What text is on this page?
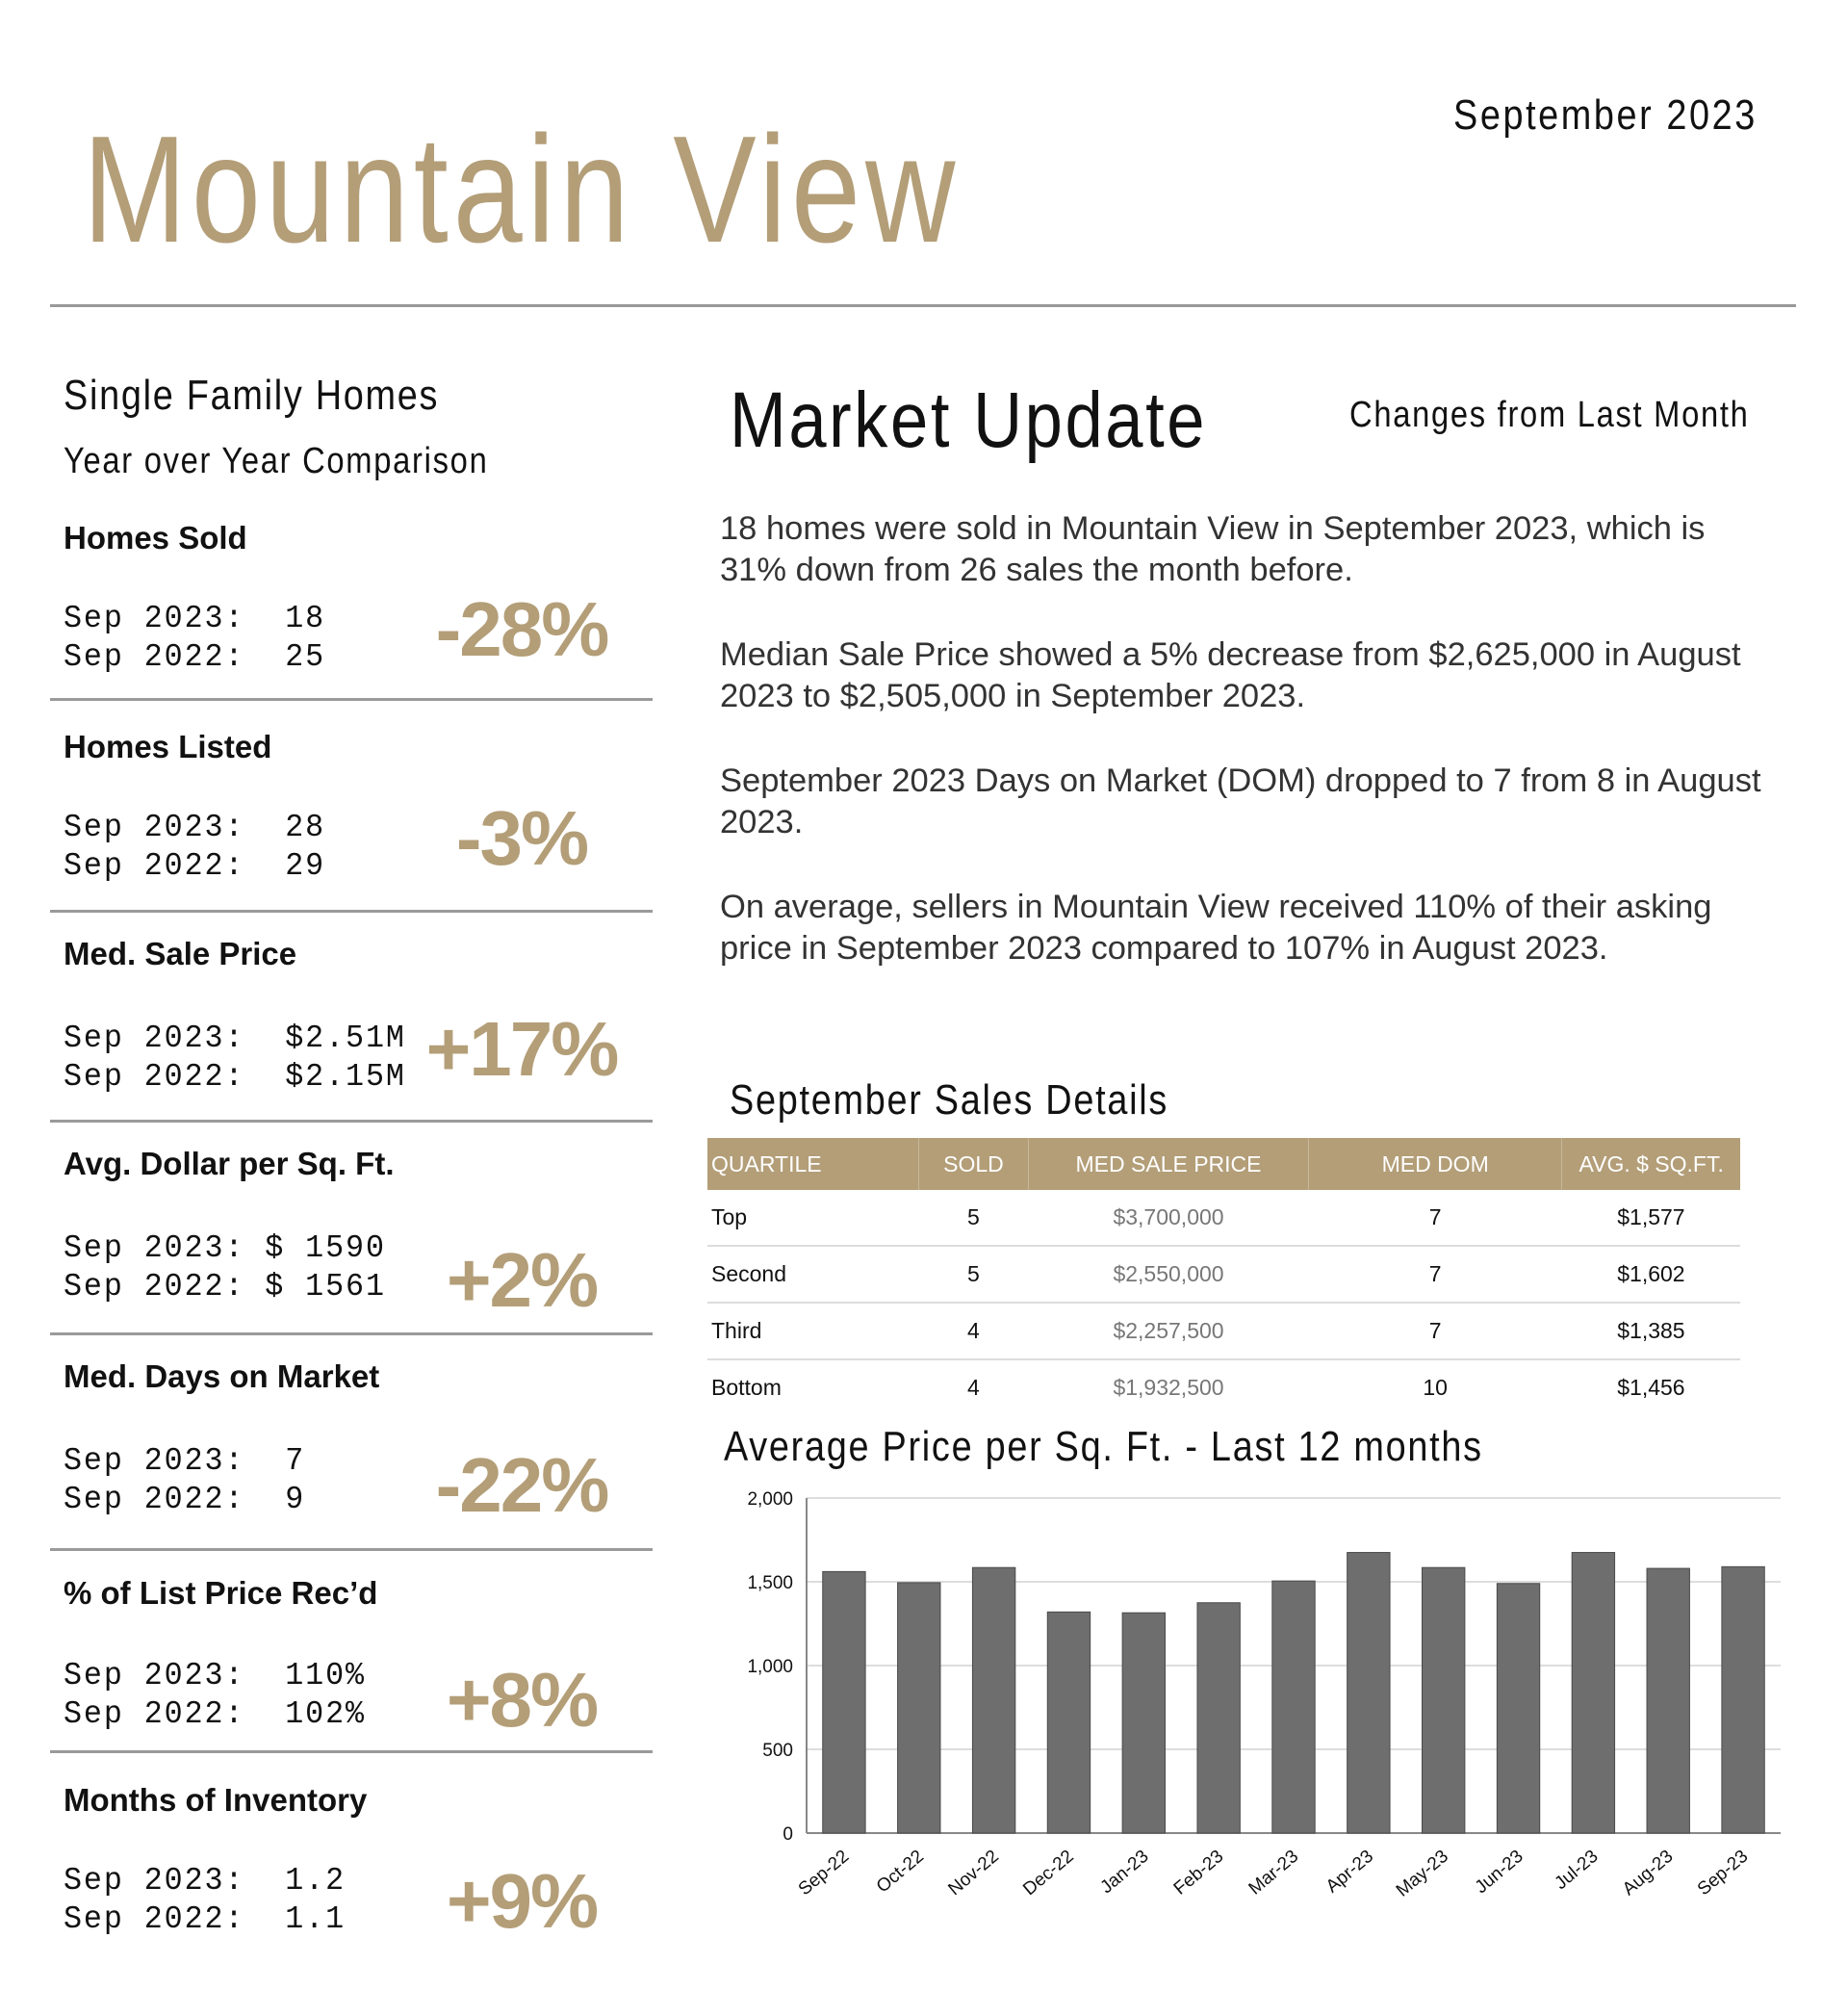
September 2023
Mountain View
Single Family Homes
Year over Year Comparison
Homes Sold
Sep 2023:  18
Sep 2022:  25	-28%
Homes Listed
Sep 2023:  28
Sep 2022:  29	-3%
Med. Sale Price
Sep 2023:  $2.51M
Sep 2022:  $2.15M +17%
Avg. Dollar per Sq. Ft.
Sep 2023: $ 1590
Sep 2022: $ 1561 +2%
Med. Days on Market
Sep 2023:  7
Sep 2022:  9	-22%
% of List Price Rec’d
Sep 2023:  110%
Sep 2022:  102%	+8%
Months of Inventory
Sep 2023:  1.2
Sep 2022:  1.1	+9%
Market Update	Changes from Last Month
18 homes were sold in Mountain View in September 2023, which is 31% down from 26 sales the month before.
Median Sale Price showed a 5% decrease from $2,625,000 in August 2023 to $2,505,000 in September 2023.
September 2023 Days on Market (DOM) dropped to 7 from 8 in August 2023.
On average, sellers in Mountain View received 110% of their asking price in September 2023 compared to 107% in August 2023.
September Sales Details
QUARTILE	SOLD	MED SALE PRICE	MED DOM	AVG. $ SQ.FT.
Top	5	$3,700,000	7	$1,577
Second	5	$2,550,000	7	$1,602
Third	4	$2,257,500	7	$1,385
Bottom	4	$1,932,500	10	$1,456
Average Price per Sq. Ft. - Last 12 months
0
500
1,000
1,500
2,000
Sep-22 Oct-22 Nov-22 Dec-22 Jan-23 Feb-23 Mar-23 Apr-23 May-23 Jun-23 Jul-23 Aug-23 Sep-23
